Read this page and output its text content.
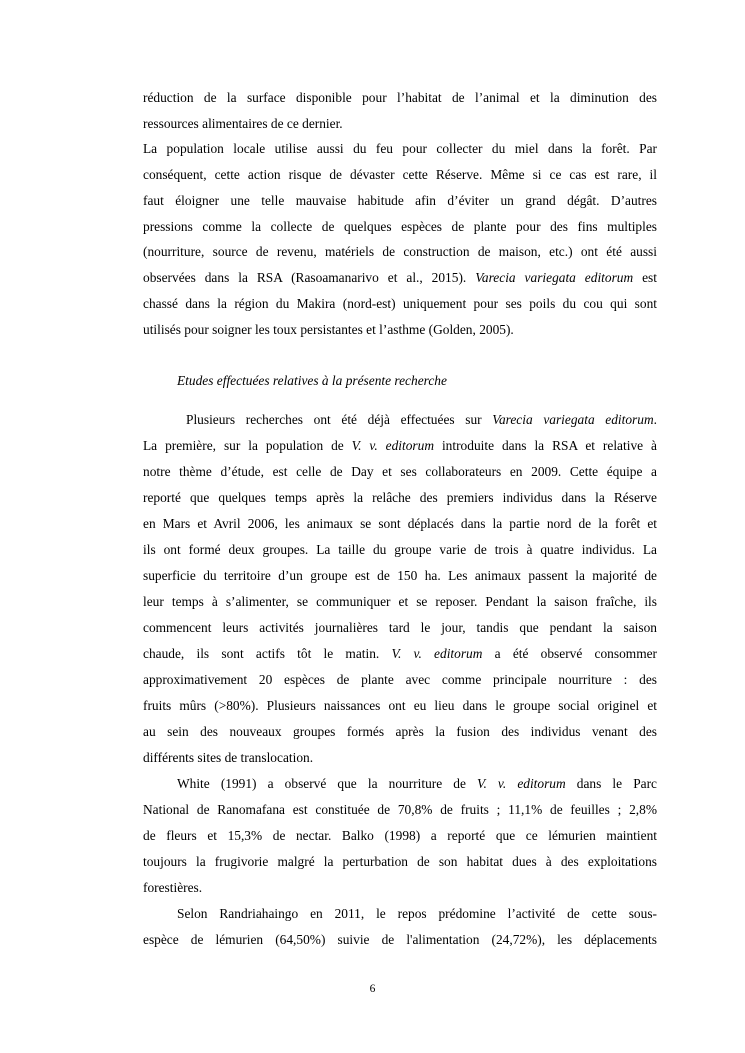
réduction de la surface disponible pour l’habitat de l’animal et la diminution des
ressources alimentaires de ce dernier.
La population locale utilise aussi du feu pour collecter du miel dans la forêt. Par
conséquent, cette action risque de dévaster cette Réserve. Même si ce cas est rare, il
faut éloigner une telle mauvaise habitude afin d’éviter un grand dégât. D’autres
pressions comme la collecte de quelques espèces de plante pour des fins multiples
(nourriture, source de revenu, matériels de construction de maison, etc.) ont été aussi
observées dans la RSA (Rasoamanarivo et al., 2015). Varecia variegata editorum est
chassé dans la région du Makira (nord-est) uniquement pour ses poils du cou qui sont
utilisés pour soigner les toux persistantes et l’asthme (Golden, 2005).
Etudes effectuées relatives à la présente recherche
Plusieurs recherches ont été déjà effectuées sur Varecia variegata editorum.
La première, sur la population de V. v. editorum introduite dans la RSA et relative à
notre thème d’étude, est celle de Day et ses collaborateurs en 2009. Cette équipe a
reporté que quelques temps après la relâche des premiers individus dans la Réserve
en Mars et Avril 2006, les animaux se sont déplacés dans la partie nord de la forêt et
ils ont formé deux groupes. La taille du groupe varie de trois à quatre individus. La
superficie du territoire d’un groupe est de 150 ha. Les animaux passent la majorité de
leur temps à s’alimenter, se communiquer et se reposer. Pendant la saison fraîche, ils
commencent leurs activités journalières tard le jour, tandis que pendant la saison
chaude, ils sont actifs tôt le matin. V. v. editorum a été observé consommer
approximativement 20 espèces de plante avec comme principale nourriture : des
fruits mûrs (>80%). Plusieurs naissances ont eu lieu dans le groupe social originel et
au sein des nouveaux groupes formés après la fusion des individus venant des
différents sites de translocation.
White (1991) a observé que la nourriture de V. v. editorum dans le Parc
National de Ranomafana est constituée de 70,8% de fruits ; 11,1% de feuilles ; 2,8%
de fleurs et 15,3% de nectar. Balko (1998) a reporté que ce lémurien maintient
toujours la frugivorie malgré la perturbation de son habitat dues à des exploitations
forestières.
Selon Randriahaingo en 2011, le repos prédomine l’activité de cette sous-
espèce de lémurien (64,50%) suivie de l'alimentation (24,72%), les déplacements
6
